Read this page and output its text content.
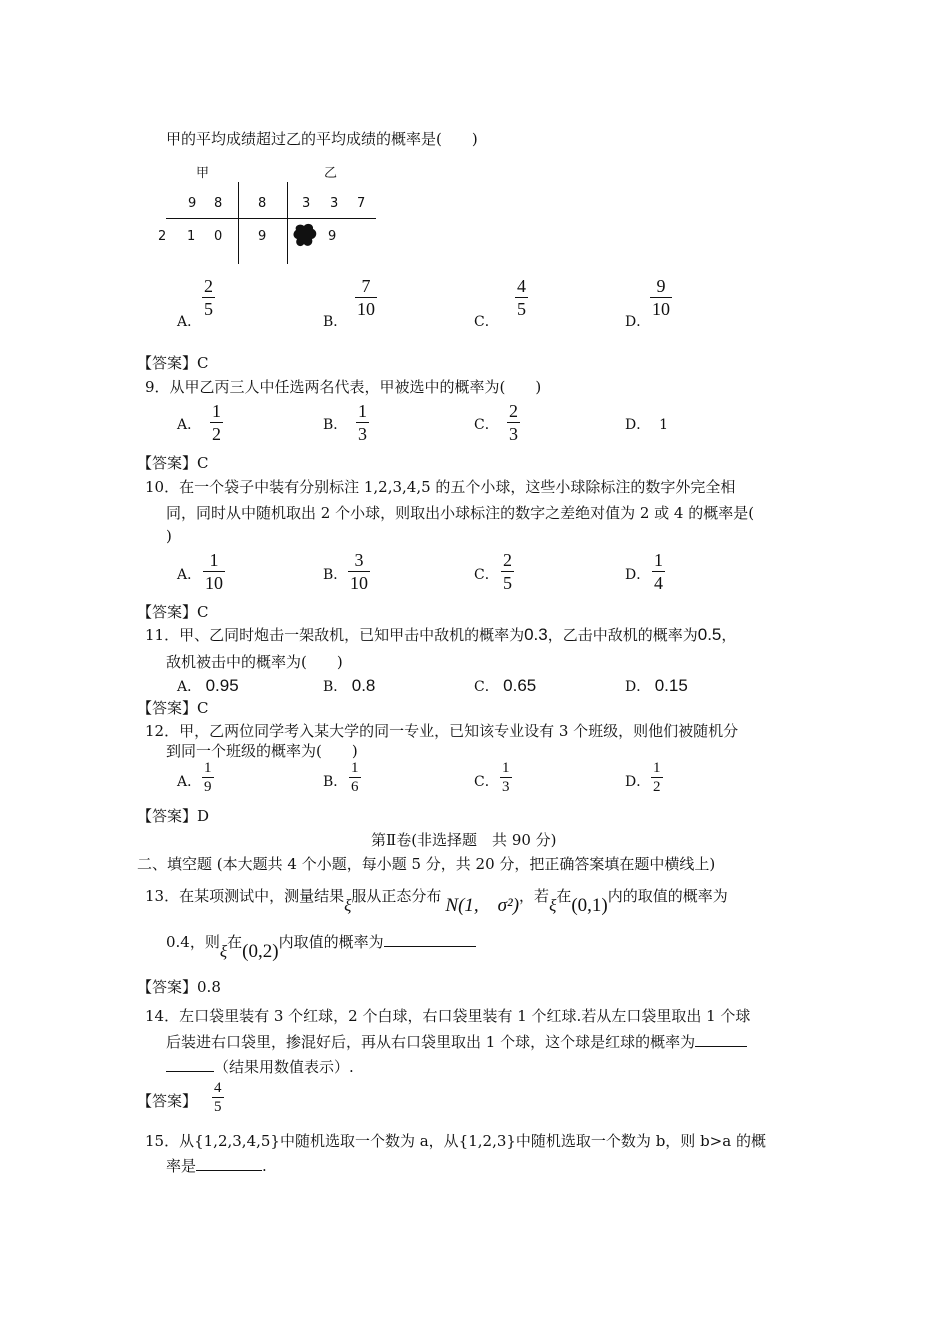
甲的平均成绩超过乙的平均成绩的概率是(　　)
甲	乙
9 8	8	3 3 7
2 1 0	9	9
A．
2
5
B．
7
10
C．
4
5
D．
9
10
【答案】C
9．从甲乙丙三人中任选两名代表，甲被选中的概率为(　　)
A．
1
2	B．
1
3	C．
2
3	D． 1
【答案】C
10．在一个袋子中装有分别标注 1,2,3,4,5 的五个小球，这些小球除标注的数字外完全相
同，同时从中随机取出 2 个小球，则取出小球标注的数字之差绝对值为 2 或 4 的概率是(
)
A．
1
10	B．
3
10	C．
2
5	D．
1
4
【答案】C
11．甲、乙同时炮击一架敌机，已知甲击中敌机的概率为0.3，乙击中敌机的概率为0.5，
敌机被击中的概率为(　　)
A． 0.95	B． 0.8	C． 0.65	D． 0.15
【答案】C
12．甲，乙两位同学考入某大学的同一专业，已知该专业设有 3 个班级，则他们被随机分
到同一个班级的概率为(　　)
A．
1
9	B．
1
6	C．
1
3	D．
1
2
【答案】D
第Ⅱ卷(非选择题　共 90 分)
二、填空题 (本大题共 4 个小题，每小题 5 分，共 20 分，把正确答案填在题中横线上)
13．在某项测试中，测量结果ξ服从正态分布 N(1,　σ²)，若ξ在(0,1)内的取值的概率为
0.4，则ξ在(0,2)内取值的概率为
【答案】0.8
14．左口袋里装有 3 个红球，2 个白球，右口袋里装有 1 个红球.若从左口袋里取出 1 个球
后装进右口袋里，掺混好后，再从右口袋里取出 1 个球，这个球是红球的概率为
（结果用数值表示）.
【答案】
4
5
15．从{1,2,3,4,5}中随机选取一个数为 a，从{1,2,3}中随机选取一个数为 b，则 b>a 的概
率是	.
